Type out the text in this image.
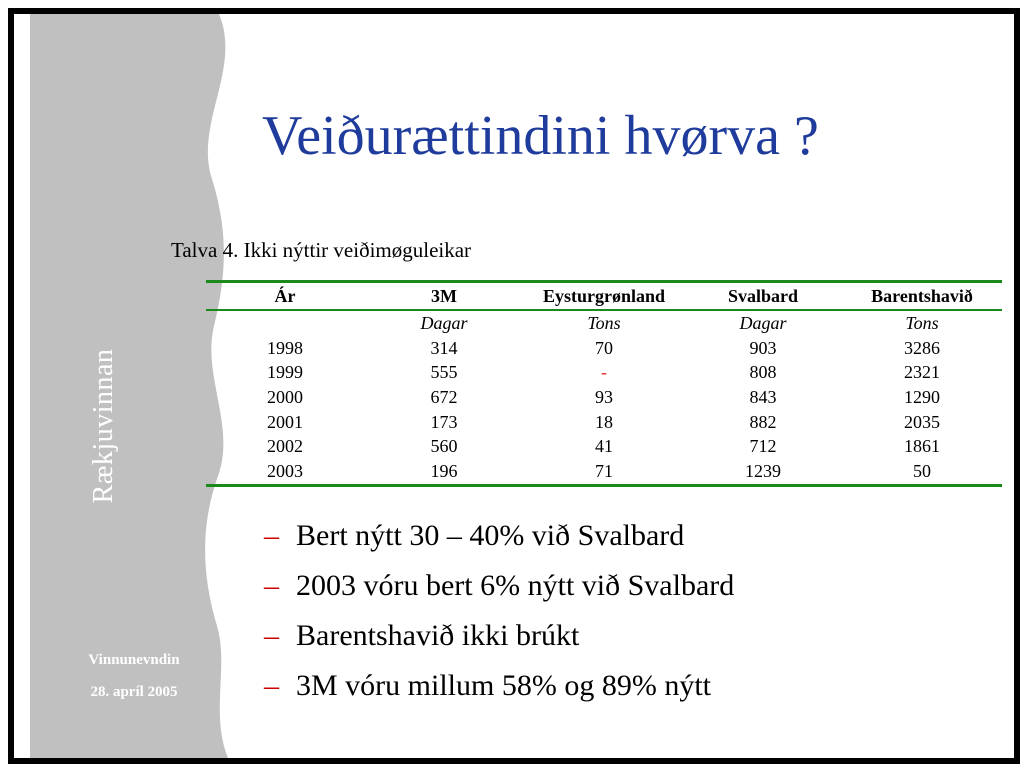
Rækjuvinnan
Vinnunevndin
28. apríl 2005
Veiðurættindini hvørva ?
Talva 4. Ikki nýttir veiðimøguleikar
Ár	3M	Eysturgrønland	Svalbard	Barentshavið
	Dagar	Tons	Dagar	Tons
1998	314	70	903	3286
1999	555	-	808	2321
2000	672	93	843	1290
2001	173	18	882	2035
2002	560	41	712	1861
2003	196	71	1239	50
– Bert nýtt 30 – 40% við Svalbard
– 2003 vóru bert 6% nýtt við Svalbard
– Barentshavið ikki brúkt
– 3M vóru millum 58% og 89% nýtt
